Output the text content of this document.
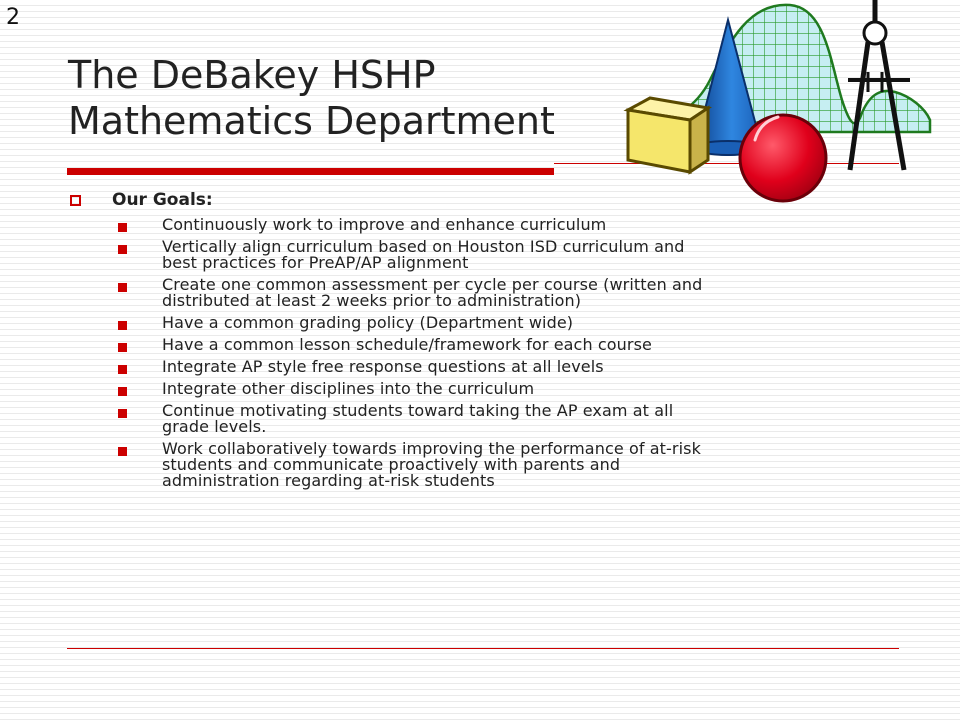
2
The DeBakey HSHP
Mathematics Department
Our Goals:
Continuously work to improve and enhance curriculum
Vertically align curriculum based on Houston ISD curriculum and
best practices for PreAP/AP alignment
Create one common assessment per cycle per course (written and
distributed at least 2 weeks prior to administration)
Have a common grading policy (Department wide)
Have a common lesson schedule/framework for each course
Integrate AP style free response questions at all levels
Integrate other disciplines into the curriculum
Continue motivating students toward taking the AP exam at all
grade levels.
Work collaboratively towards improving the performance of at-risk
students and communicate proactively with parents and
administration regarding at-risk students
